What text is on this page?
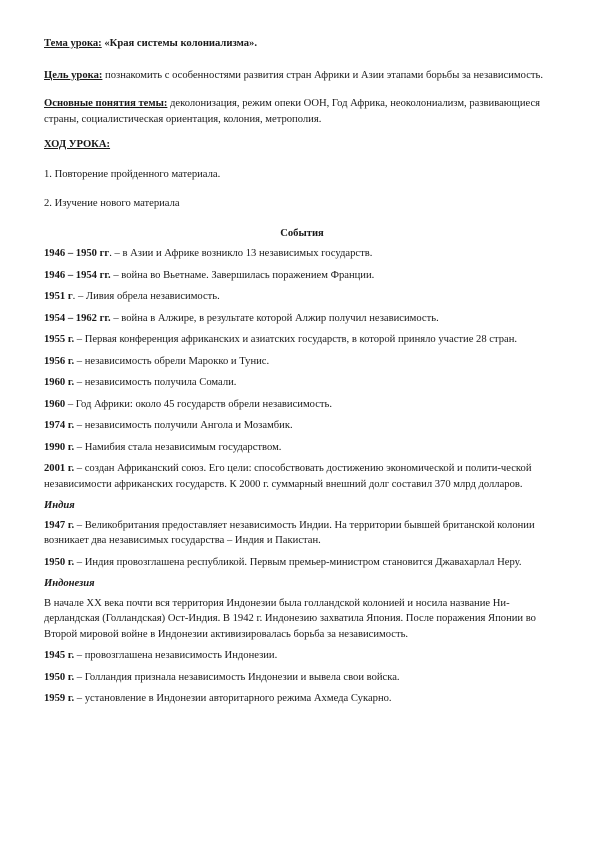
Тема урока: «Края системы колониализма».

Цель урока: познакомить с особенностями развития стран Африки и Азии этапами борьбы за независимость.

Основные понятия темы: деколонизация, режим опеки ООН, Год Африка, неоколониализм, развивающиеся страны, социалистическая ориентация, колония, метрополия.

ХОД УРОКА:

1. Повторение пройденного материала.

2. Изучение нового материала

События

1946 – 1950 гг. – в Азии и Африке возникло 13 независимых государств.

1946 – 1954 гг. – война во Вьетнаме. Завершилась поражением Франции.

1951 г. – Ливия обрела независимость.

1954 – 1962 гг. – война в Алжире, в результате которой Алжир получил независимость.

1955 г. – Первая конференция африканских и азиатских государств, в которой приняло участие 28 стран.

1956 г. – независимость обрели Марокко и Тунис.

1960 г. – независимость получила Сомали.

1960 – Год Африки: около 45 государств обрели независимость.

1974 г. – независимость получили Ангола и Мозамбик.

1990 г. – Намибия стала независимым государством.

2001 г. – создан Африканский союз. Его цели: способствовать достижению экономической и полити-ческой независимости африканских государств. К 2000 г. суммарный внешний долг составил 370 млрд долларов.

Индия

1947 г. – Великобритания предоставляет независимость Индии. На территории бывшей британской колонии возникает два независимых государства – Индия и Пакистан.

1950 г. – Индия провозглашена республикой. Первым премьер-министром становится Джавахарлал Неру.

Индонезия

В начале XX века почти вся территория Индонезии была голландской колонией и носила название Ни-дерландская (Голландская) Ост-Индия. В 1942 г. Индонезию захватила Япония. После поражения Японии во Второй мировой войне в Индонезии активизировалась борьба за независимость.

1945 г. – провозглашена независимость Индонезии.

1950 г. – Голландия признала независимость Индонезии и вывела свои войска.

1959 г. – установление в Индонезии авторитарного режима Ахмеда Сукарно.
